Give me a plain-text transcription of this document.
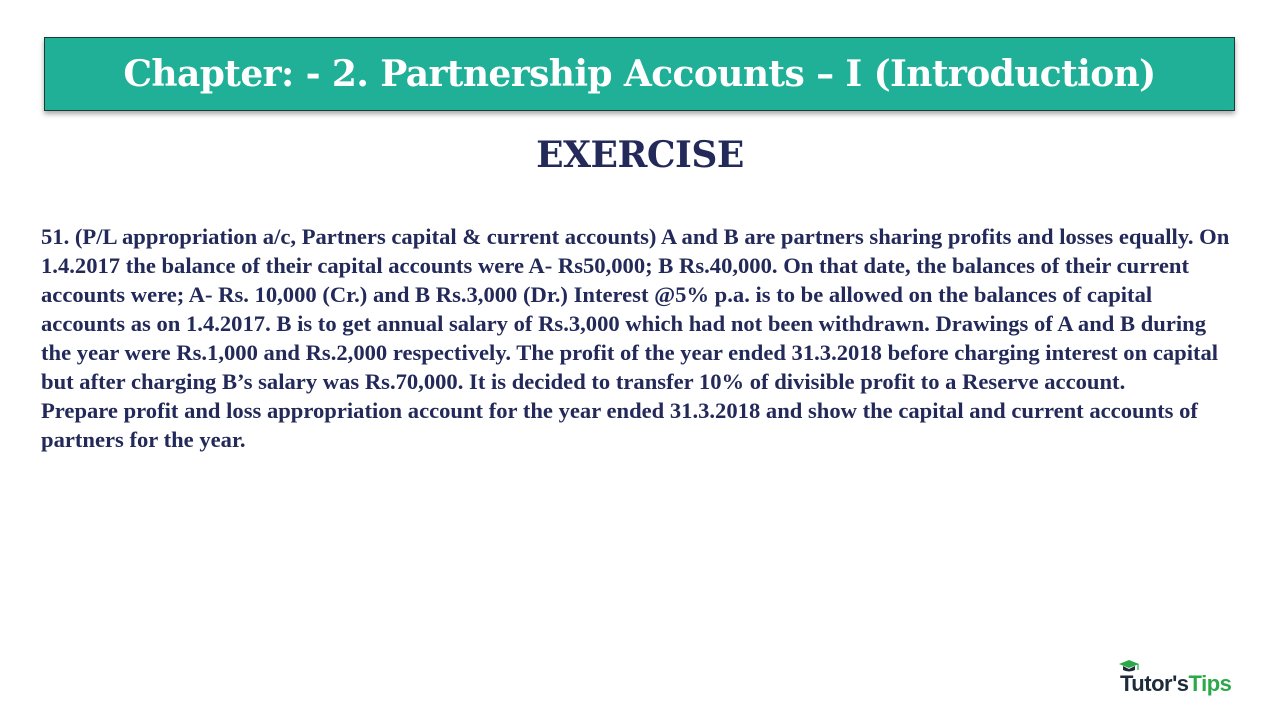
Chapter: - 2. Partnership Accounts – I (Introduction)
EXERCISE

51. (P/L appropriation a/c, Partners capital & current accounts) A and B are partners sharing profits and losses equally. On 1.4.2017 the balance of their capital accounts were A- Rs50,000; B Rs.40,000. On that date, the balances of their current accounts were; A- Rs. 10,000 (Cr.) and B Rs.3,000 (Dr.) Interest @5% p.a. is to be allowed on the balances of capital accounts as on 1.4.2017. B is to get annual salary of Rs.3,000 which had not been withdrawn. Drawings of A and B during the year were Rs.1,000 and Rs.2,000 respectively. The profit of the year ended 31.3.2018 before charging interest on capital but after charging B’s salary was Rs.70,000. It is decided to transfer 10% of divisible profit to a Reserve account.

Prepare profit and loss appropriation account for the year ended 31.3.2018 and show the capital and current accounts of partners for the year.

Tutor'sTips
